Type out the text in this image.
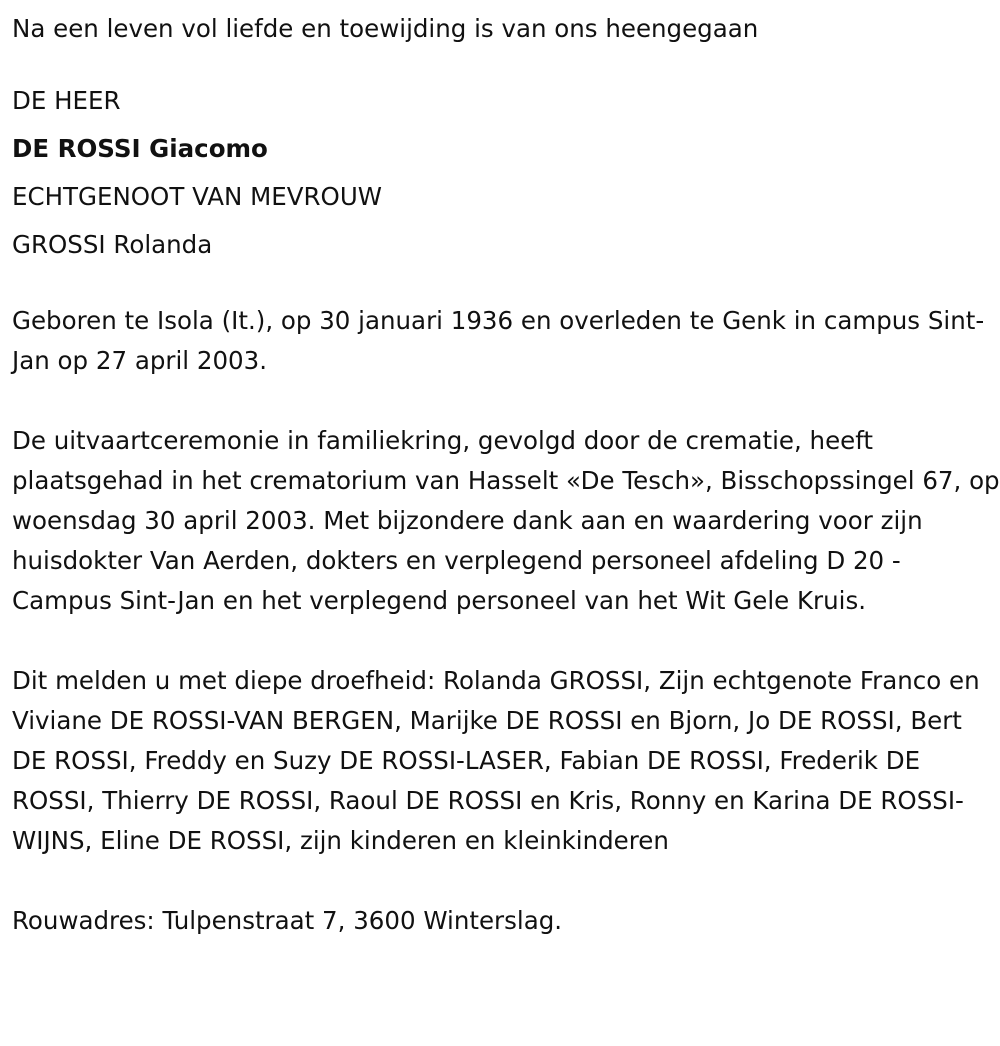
Na een leven vol liefde en toewijding is van ons heengegaan
DE HEER
DE ROSSI Giacomo
ECHTGENOOT VAN MEVROUW
GROSSI Rolanda
Geboren te Isola (It.), op 30 januari 1936 en overleden te Genk in campus Sint-Jan op 27 april 2003.
De uitvaartceremonie in familiekring, gevolgd door de crematie, heeft plaatsgehad in het crematorium van Hasselt «De Tesch», Bisschopssingel 67, op woensdag 30 april 2003. Met bijzondere dank aan en waardering voor zijn huisdokter Van Aerden, dokters en verplegend personeel afdeling D 20 - Campus Sint-Jan en het verplegend personeel van het Wit Gele Kruis.
Dit melden u met diepe droefheid: Rolanda GROSSI, Zijn echtgenote Franco en Viviane DE ROSSI-VAN BERGEN, Marijke DE ROSSI en Bjorn, Jo DE ROSSI, Bert DE ROSSI, Freddy en Suzy DE ROSSI-LASER, Fabian DE ROSSI, Frederik DE ROSSI, Thierry DE ROSSI, Raoul DE ROSSI en Kris, Ronny en Karina DE ROSSI-WIJNS, Eline DE ROSSI, zijn kinderen en kleinkinderen
Rouwadres: Tulpenstraat 7, 3600 Winterslag.
